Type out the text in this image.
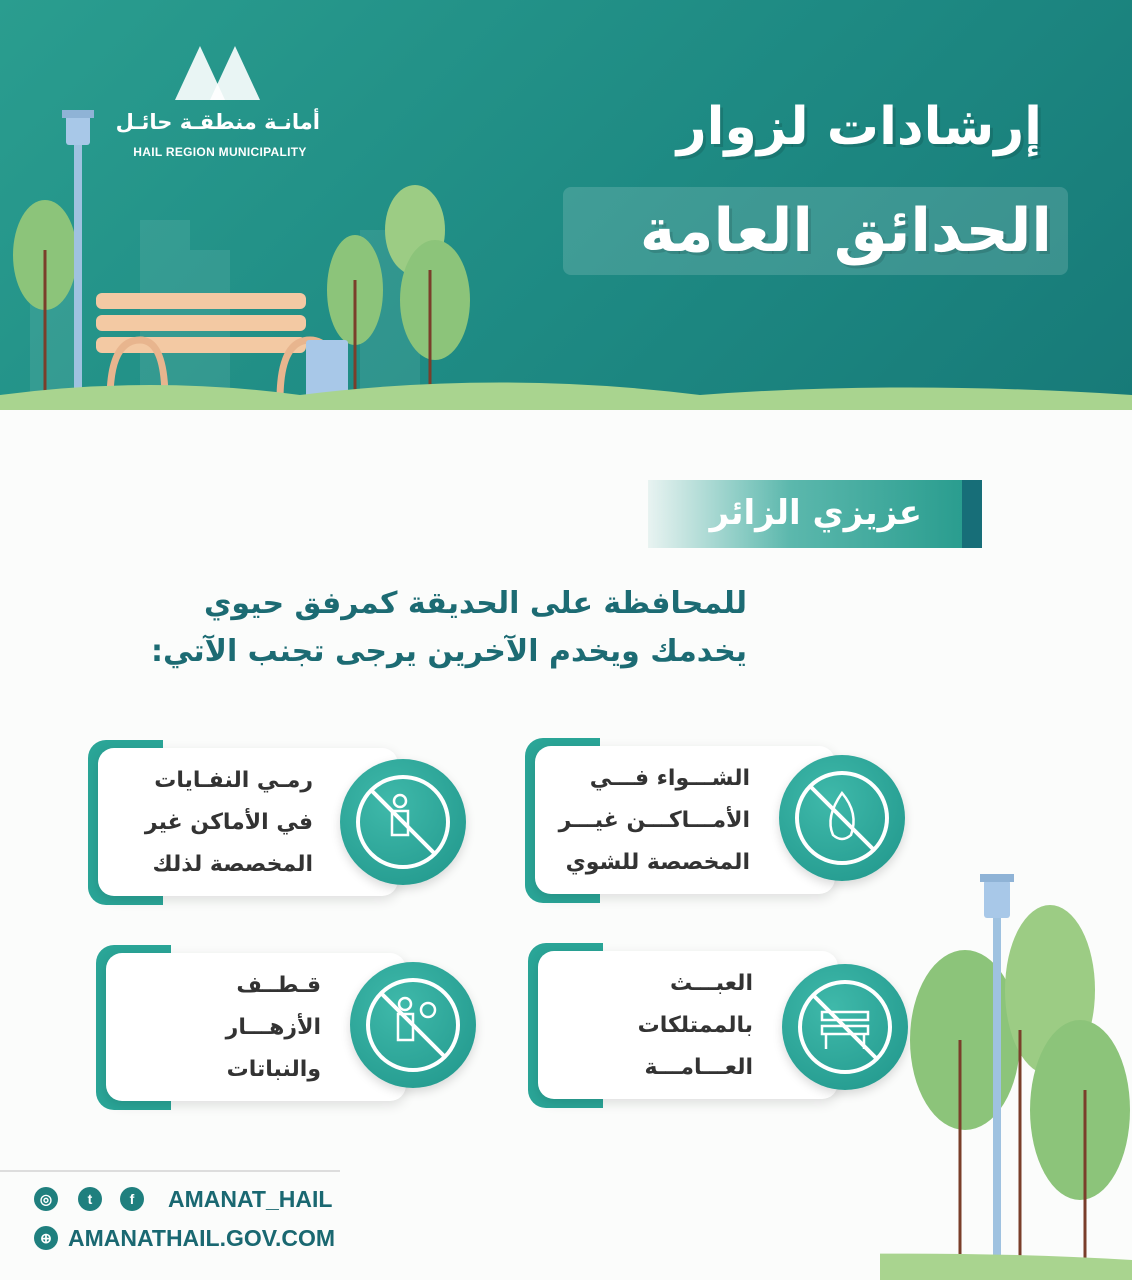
أمانـة منطقـة حائـل
HAIL REGION MUNICIPALITY	إرشادات لزوار
الحدائق العامة
عزيزي الزائر
للمحافظة على الحديقة كمرفق حيوي
يخدمك ويخدم الآخرين يرجى تجنب الآتي:
رمـي النفـايات
في الأماكن غير
المخصصة لذلك
الشـــواء فـــي
الأمـــاكـــن غيـــر
المخصصة للشوي
قـطــف
الأزهـــار
والنباتات
العبـــث
بالممتلكات
العـــامـــة
◎	t	f	AMANAT_HAIL
⊕ AMANATHAIL.GOV.COM
